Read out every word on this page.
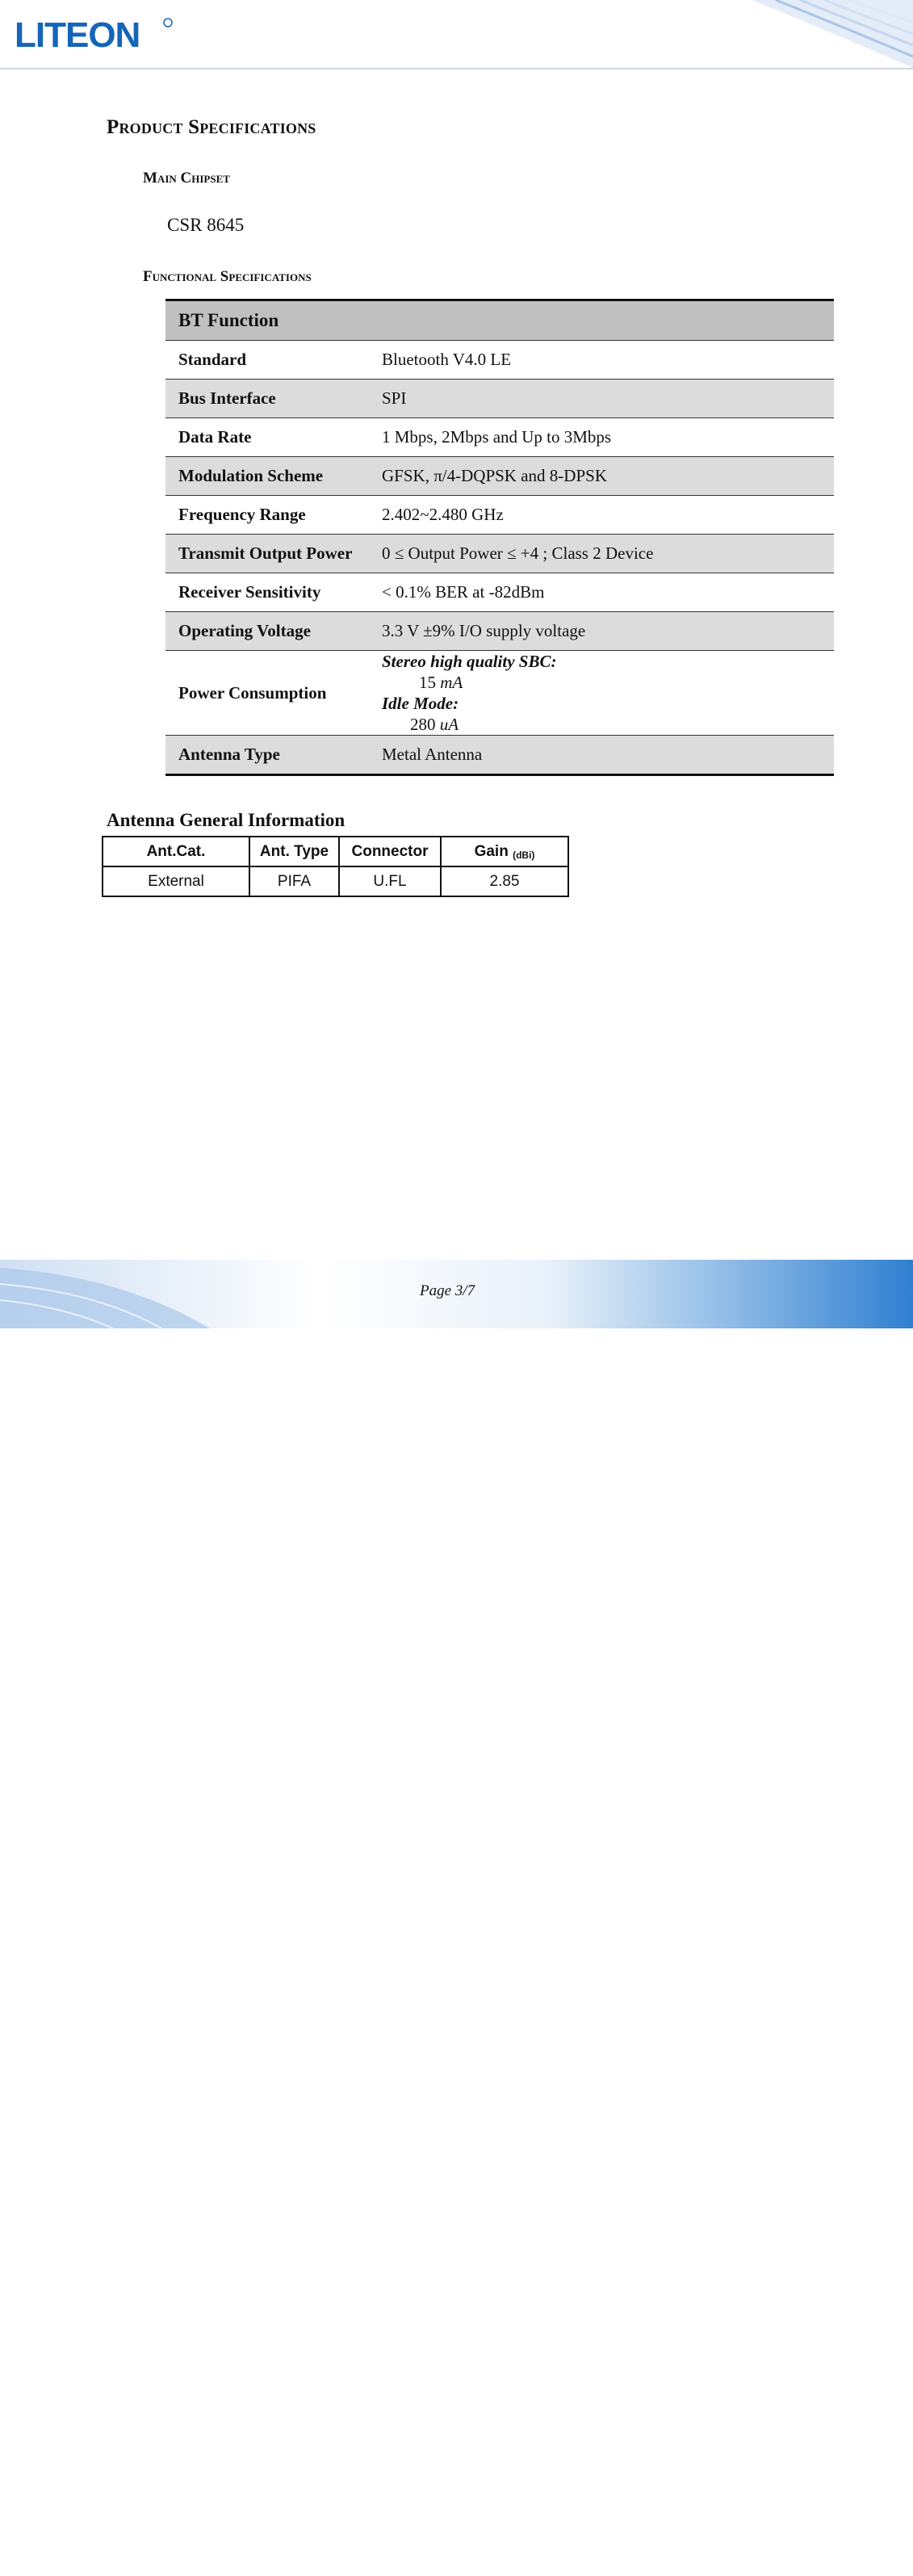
LITEON
Product Specifications
Main Chipset
CSR 8645
Functional Specifications
BT Function	
Standard	Bluetooth V4.0 LE
Bus Interface	SPI
Data Rate	1 Mbps, 2Mbps and Up to 3Mbps
Modulation Scheme	GFSK, π/4-DQPSK and 8-DPSK
Frequency Range	2.402~2.480 GHz
Transmit Output Power	0 ≤ Output Power ≤ +4 ; Class 2 Device
Receiver Sensitivity	< 0.1% BER at -82dBm
Operating Voltage	3.3 V ±9% I/O supply voltage
Power Consumption	Stereo high quality SBC:
15 mA
Idle Mode:
280 uA

Antenna Type	Metal Antenna
Antenna General Information
Ant.Cat.	Ant. Type	Connector	Gain $_{(dBi)}$
External	PIFA	U.FL	2.85
LITEON
Page 3/7
